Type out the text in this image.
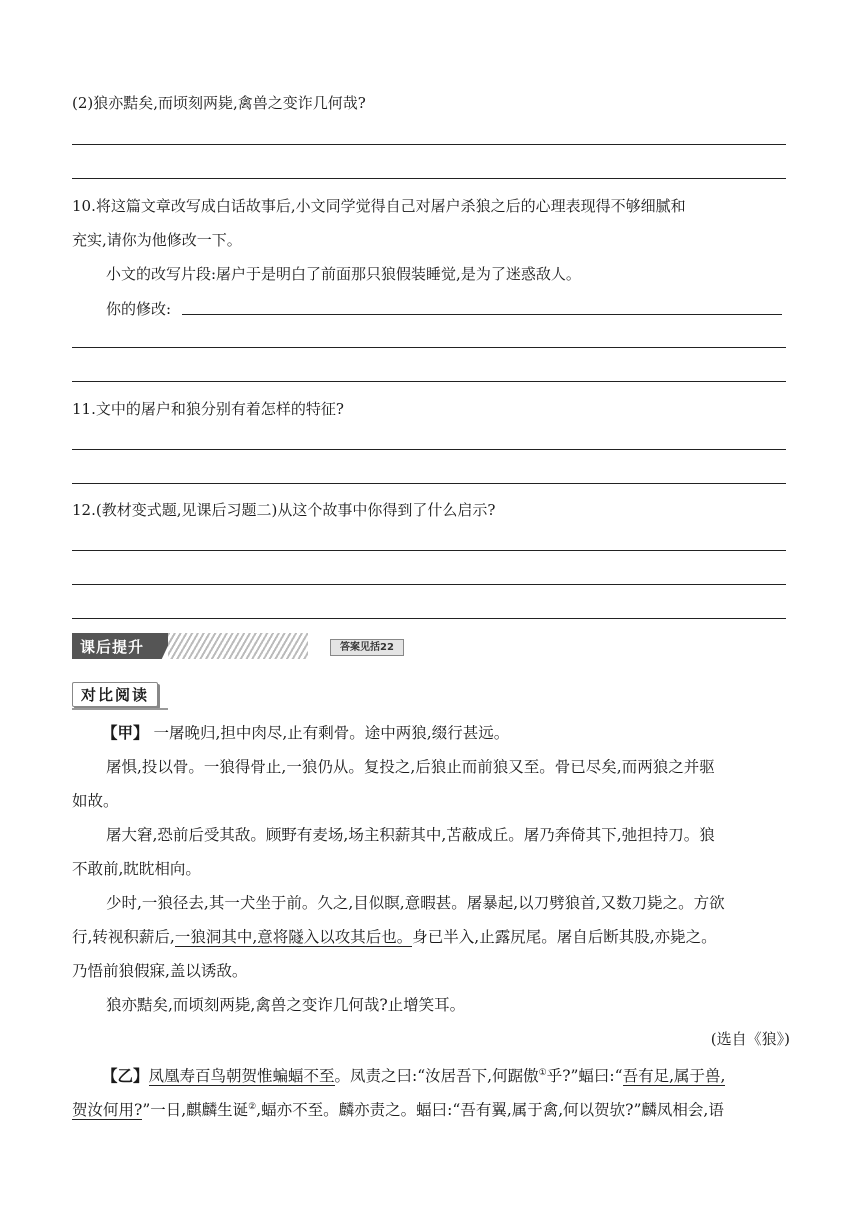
(2)狼亦黠矣,而顷刻两毙,禽兽之变诈几何哉?
10.将这篇文章改写成白话故事后,小文同学觉得自己对屠户杀狼之后的心理表现得不够细腻和
充实,请你为他修改一下。
小文的改写片段:屠户于是明白了前面那只狼假装睡觉,是为了迷惑敌人。
你的修改:
11.文中的屠户和狼分别有着怎样的特征?
12.(教材变式题,见课后习题二)从这个故事中你得到了什么启示?
课后提升	答案见括22
对比阅读
【甲】 一屠晚归,担中肉尽,止有剩骨。途中两狼,缀行甚远。
屠惧,投以骨。一狼得骨止,一狼仍从。复投之,后狼止而前狼又至。骨已尽矣,而两狼之并驱
如故。
屠大窘,恐前后受其敌。顾野有麦场,场主积薪其中,苫蔽成丘。屠乃奔倚其下,弛担持刀。狼
不敢前,眈眈相向。
少时,一狼径去,其一犬坐于前。久之,目似瞑,意暇甚。屠暴起,以刀劈狼首,又数刀毙之。方欲
行,转视积薪后,一狼洞其中,意将隧入以攻其后也。身已半入,止露尻尾。屠自后断其股,亦毙之。
乃悟前狼假寐,盖以诱敌。
狼亦黠矣,而顷刻两毙,禽兽之变诈几何哉?止增笑耳。
(选自《狼》)
【乙】凤凰寿百鸟朝贺惟蝙蝠不至。凤责之曰:“汝居吾下,何踞傲①乎?”蝠曰:“吾有足,属于兽,
贺汝何用?”一日,麒麟生诞②,蝠亦不至。麟亦责之。蝠曰:“吾有翼,属于禽,何以贺欤?”麟凤相会,语
